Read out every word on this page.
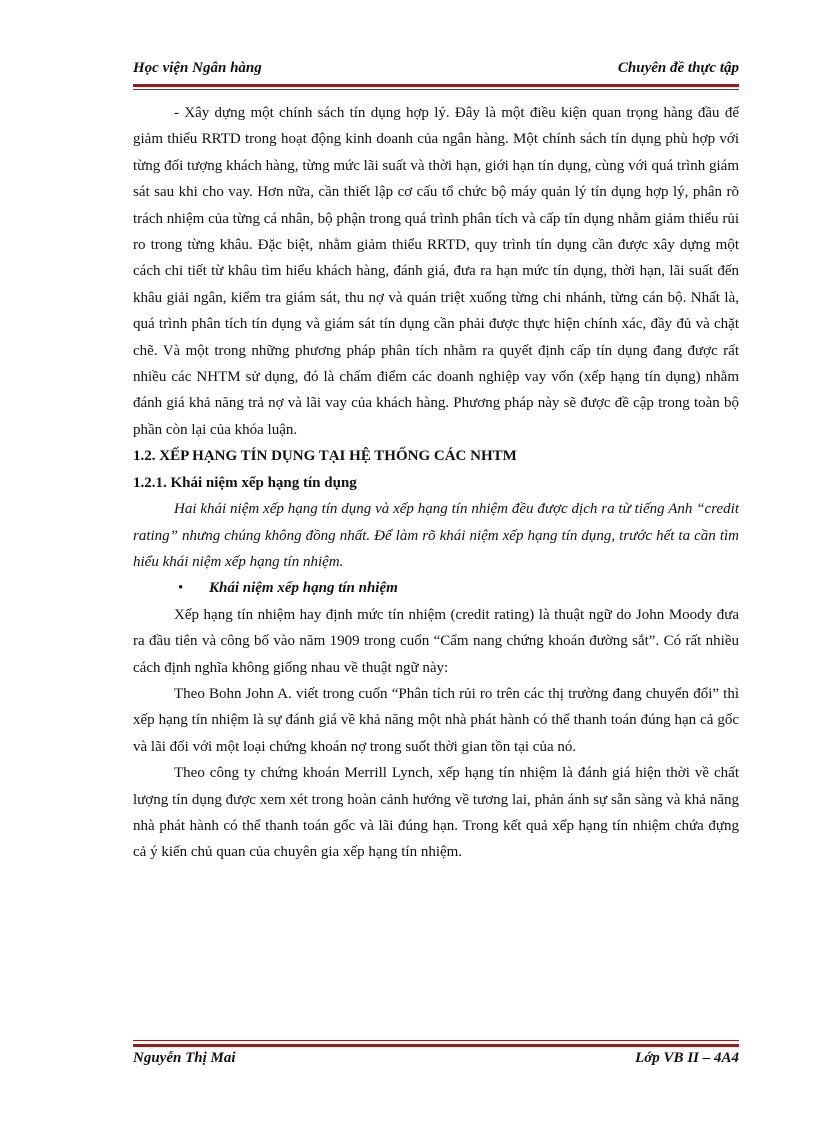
Học viện Ngân hàng	Chuyên đề thực tập

- Xây dựng một chính sách tín dụng hợp lý. Đây là một điều kiện quan trọng hàng đầu để giảm thiểu RRTD trong hoạt động kinh doanh của ngân hàng. Một chính sách tín dụng phù hợp với từng đối tượng khách hàng, từng mức lãi suất và thời hạn, giới hạn tín dụng, cùng với quá trình giám sát sau khi cho vay. Hơn nữa, cần thiết lập cơ cấu tổ chức bộ máy quản lý tín dụng hợp lý, phân rõ trách nhiệm của từng cá nhân, bộ phận trong quá trình phân tích và cấp tín dụng nhằm giảm thiểu rủi ro trong từng khâu. Đặc biệt, nhằm giảm thiểu RRTD, quy trình tín dụng cần được xây dựng một cách chi tiết từ khâu tìm hiểu khách hàng, đánh giá, đưa ra hạn mức tín dụng, thời hạn, lãi suất đến khâu giải ngân, kiểm tra giám sát, thu nợ và quán triệt xuống từng chi nhánh, từng cán bộ. Nhất là, quá trình phân tích tín dụng và giám sát tín dụng cần phải được thực hiện chính xác, đầy đủ và chặt chẽ. Và một trong những phương pháp phân tích nhằm ra quyết định cấp tín dụng đang được rất nhiều các NHTM sử dụng, đó là chấm điểm các doanh nghiệp vay vốn (xếp hạng tín dụng) nhằm đánh giá khả năng trả nợ và lãi vay của khách hàng. Phương pháp này sẽ được đề cập trong toàn bộ phần còn lại của khóa luận.

1.2. XẾP HẠNG TÍN DỤNG TẠI HỆ THỐNG CÁC NHTM

1.2.1. Khái niệm xếp hạng tín dụng

Hai khái niệm xếp hạng tín dụng và xếp hạng tín nhiệm đều được dịch ra từ tiếng Anh “credit rating” nhưng chúng không đồng nhất. Để làm rõ khái niệm xếp hạng tín dụng, trước hết ta cần tìm hiểu khái niệm xếp hạng tín nhiệm.

• Khái niệm xếp hạng tín nhiệm

Xếp hạng tín nhiệm hay định mức tín nhiệm (credit rating) là thuật ngữ do John Moody đưa ra đầu tiên và công bố vào năm 1909 trong cuốn “Cẩm nang chứng khoán đường sắt”. Có rất nhiều cách định nghĩa không giống nhau về thuật ngữ này:

Theo Bohn John A. viết trong cuốn “Phân tích rủi ro trên các thị trường đang chuyển đổi” thì xếp hạng tín nhiệm là sự đánh giá về khả năng một nhà phát hành có thể thanh toán đúng hạn cả gốc và lãi đối với một loại chứng khoán nợ trong suốt thời gian tồn tại của nó.

Theo công ty chứng khoán Merrill Lynch, xếp hạng tín nhiệm là đánh giá hiện thời về chất lượng tín dụng được xem xét trong hoàn cảnh hướng về tương lai, phản ánh sự sẵn sàng và khả năng nhà phát hành có thể thanh toán gốc và lãi đúng hạn. Trong kết quả xếp hạng tín nhiệm chứa đựng cả ý kiến chủ quan của chuyên gia xếp hạng tín nhiệm.

Nguyễn Thị Mai	Lớp VB II – 4A4
